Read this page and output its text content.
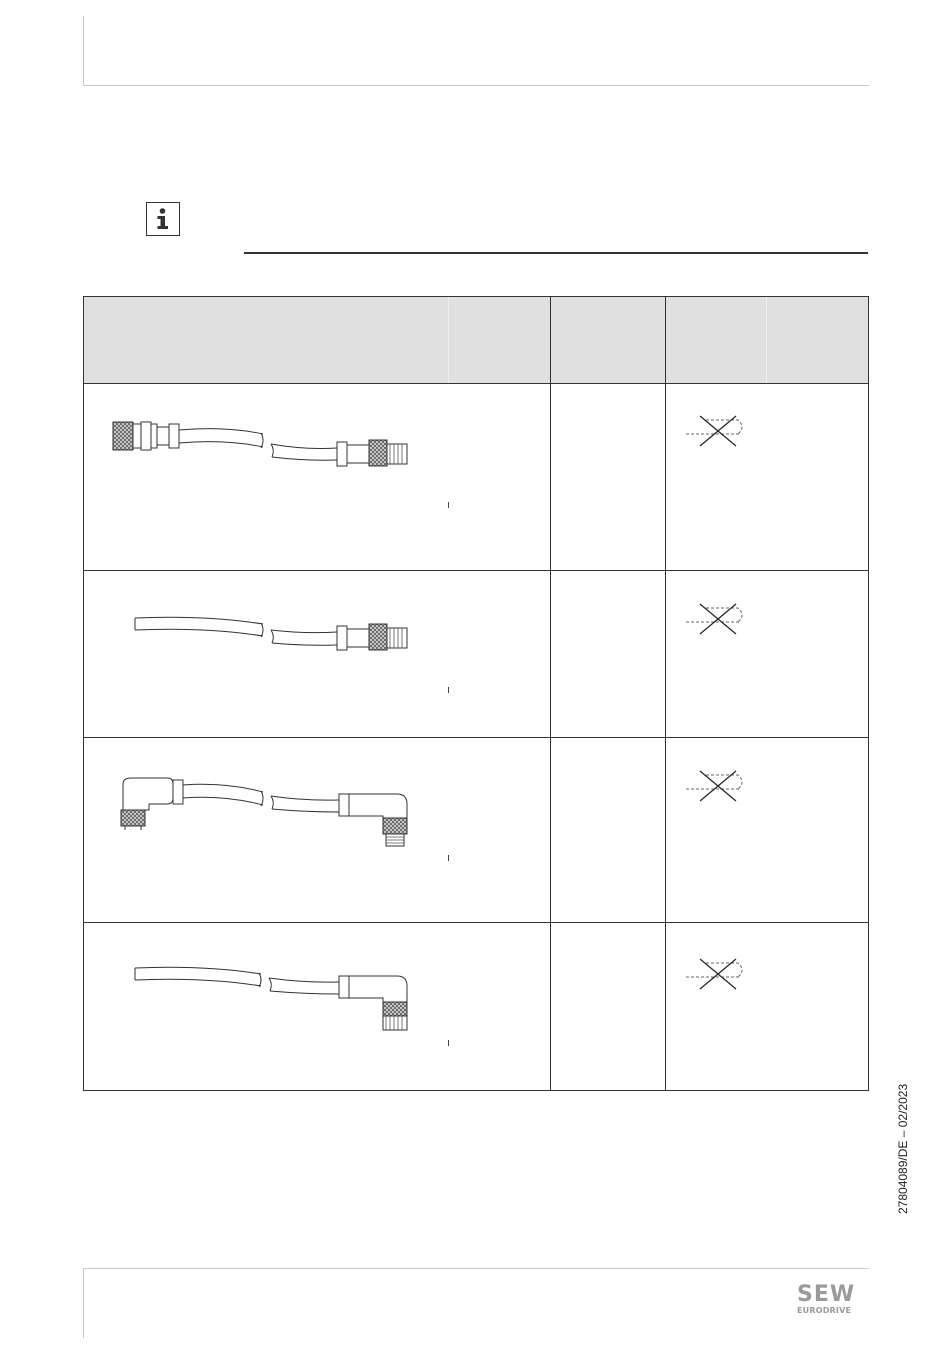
27804089/DE – 02/2023
SEW
EURODRIVE
